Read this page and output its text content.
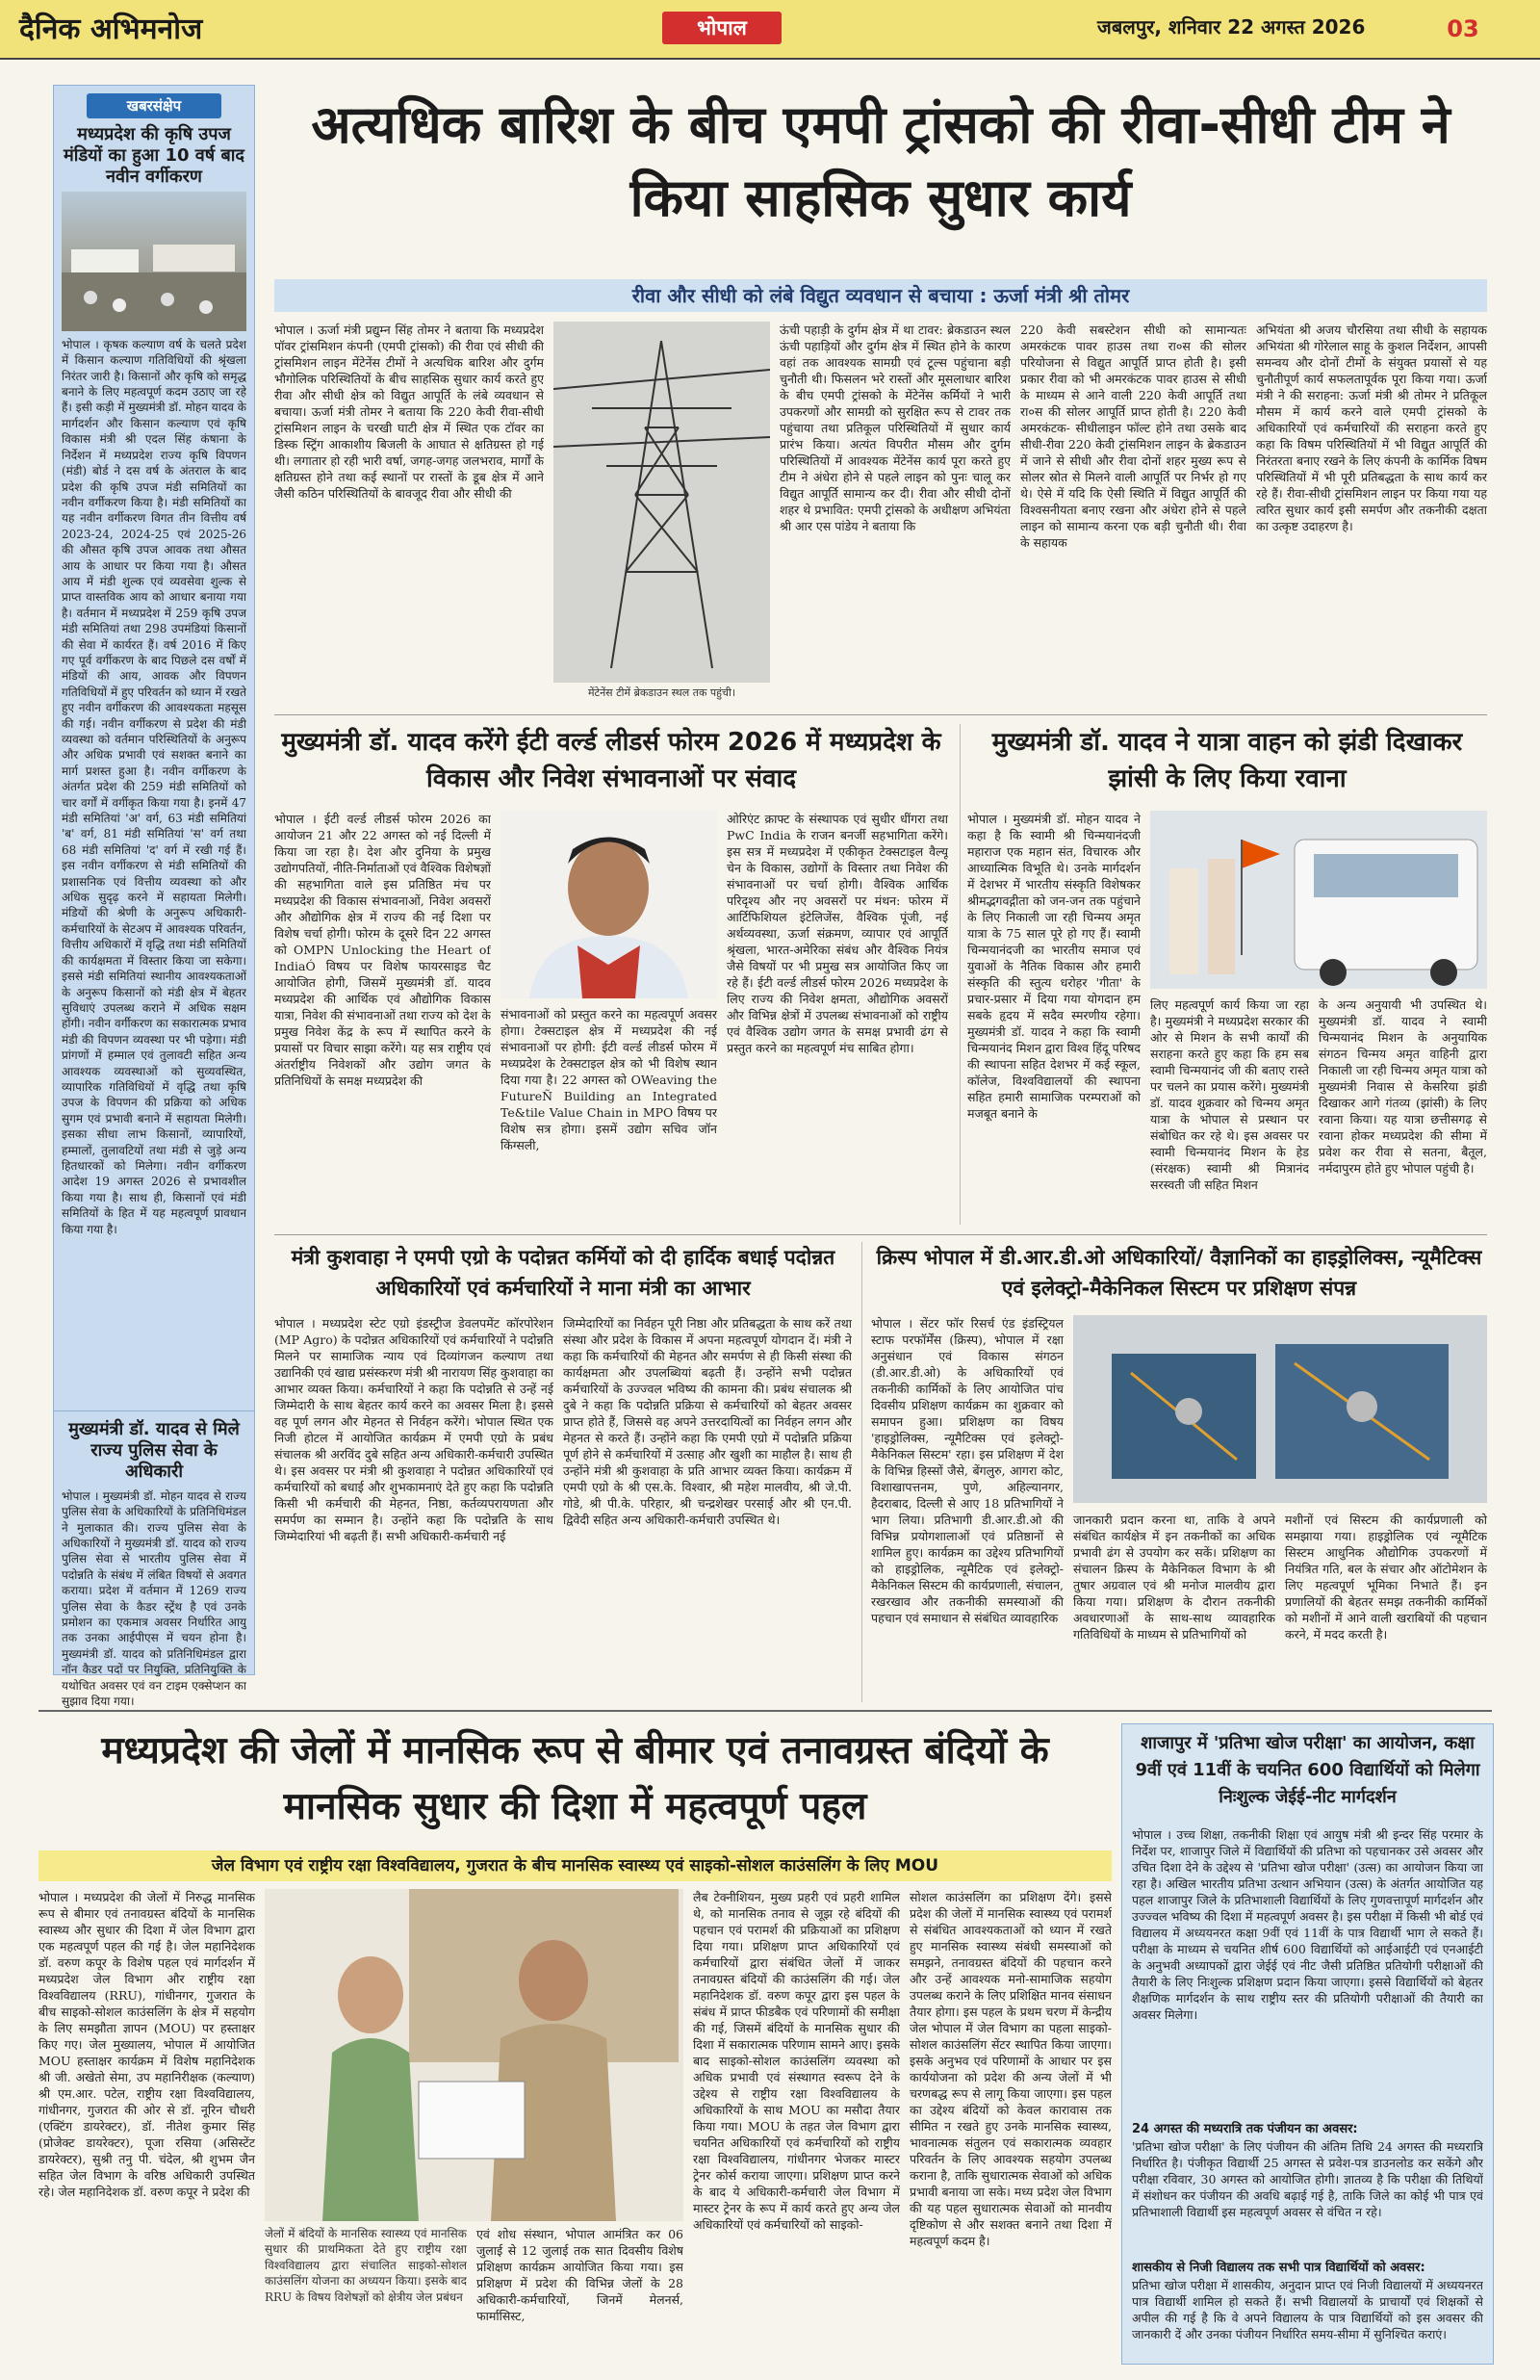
दैनिक अभिमनोज	भोपाल	जबलपुर, शनिवार 22 अगस्त 2026	03
खबरसंक्षेप
मध्यप्रदेश की कृषि उपज मंडियों का हुआ 10 वर्ष बाद नवीन वर्गीकरण
भोपाल । कृषक कल्याण वर्ष के चलते प्रदेश में किसान कल्याण गतिविधियों की श्रृंखला निरंतर जारी है। किसानों और कृषि को समृद्ध बनाने के लिए महत्वपूर्ण कदम उठाए जा रहे हैं। इसी कड़ी में मुख्यमंत्री डॉ. मोहन यादव के मार्गदर्शन और किसान कल्याण एवं कृषि विकास मंत्री श्री एदल सिंह कंषाना के निर्देशन में मध्यप्रदेश राज्य कृषि विपणन (मंडी) बोर्ड ने दस वर्ष के अंतराल के बाद प्रदेश की कृषि उपज मंडी समितियों का नवीन वर्गीकरण किया है। मंडी समितियों का यह नवीन वर्गीकरण विगत तीन वित्तीय वर्ष 2023-24, 2024-25 एवं 2025-26 की औसत कृषि उपज आवक तथा औसत आय के आधार पर किया गया है। औसत आय में मंडी शुल्क एवं व्यवसेवा शुल्क से प्राप्त वास्तविक आय को आधार बनाया गया है। वर्तमान में मध्यप्रदेश में 259 कृषि उपज मंडी समितियां तथा 298 उपमंडियां किसानों की सेवा में कार्यरत हैं। वर्ष 2016 में किए गए पूर्व वर्गीकरण के बाद पिछले दस वर्षों में मंडियों की आय, आवक और विपणन गतिविधियों में हुए परिवर्तन को ध्यान में रखते हुए नवीन वर्गीकरण की आवश्यकता महसूस की गई। नवीन वर्गीकरण से प्रदेश की मंडी व्यवस्था को वर्तमान परिस्थितियों के अनुरूप और अधिक प्रभावी एवं सशक्त बनाने का मार्ग प्रशस्त हुआ है। नवीन वर्गीकरण के अंतर्गत प्रदेश की 259 मंडी समितियों को चार वर्गों में वर्गीकृत किया गया है। इनमें 47 मंडी समितियां 'अ' वर्ग, 63 मंडी समितियां 'ब' वर्ग, 81 मंडी समितियां 'स' वर्ग तथा 68 मंडी समितियां 'द' वर्ग में रखी गई हैं। इस नवीन वर्गीकरण से मंडी समितियों की प्रशासनिक एवं वित्तीय व्यवस्था को और अधिक सुदृढ़ करने में सहायता मिलेगी। मंडियों की श्रेणी के अनुरूप अधिकारी-कर्मचारियों के सेटअप में आवश्यक परिवर्तन, वित्तीय अधिकारों में वृद्धि तथा मंडी समितियों की कार्यक्षमता में विस्तार किया जा सकेगा। इससे मंडी समितियां स्थानीय आवश्यकताओं के अनुरूप किसानों को मंडी क्षेत्र में बेहतर सुविधाएं उपलब्ध कराने में अधिक सक्षम होंगी। नवीन वर्गीकरण का सकारात्मक प्रभाव मंडी की विपणन व्यवस्था पर भी पड़ेगा। मंडी प्रांगणों में हम्माल एवं तुलावटी सहित अन्य आवश्यक व्यवस्थाओं को सुव्यवस्थित, व्यापारिक गतिविधियों में वृद्धि तथा कृषि उपज के विपणन की प्रक्रिया को अधिक सुगम एवं प्रभावी बनाने में सहायता मिलेगी। इसका सीधा लाभ किसानों, व्यापारियों, हम्मालों, तुलावटियों तथा मंडी से जुड़े अन्य हितधारकों को मिलेगा। नवीन वर्गीकरण आदेश 19 अगस्त 2026 से प्रभावशील किया गया है। साथ ही, किसानों एवं मंडी समितियों के हित में यह महत्वपूर्ण प्रावधान किया गया है।
मुख्यमंत्री डॉ. यादव से मिले राज्य पुलिस सेवा के अधिकारी
भोपाल । मुख्यमंत्री डॉ. मोहन यादव से राज्य पुलिस सेवा के अधिकारियों के प्रतिनिधिमंडल ने मुलाकात की। राज्य पुलिस सेवा के अधिकारियों ने मुख्यमंत्री डॉ. यादव को राज्य पुलिस सेवा से भारतीय पुलिस सेवा में पदोन्नति के संबंध में लंबित विषयों से अवगत कराया। प्रदेश में वर्तमान में 1269 राज्य पुलिस सेवा के कैडर स्ट्रेंथ है एवं उनके प्रमोशन का एकमात्र अवसर निर्धारित आयु तक उनका आईपीएस में चयन होना है। मुख्यमंत्री डॉ. यादव को प्रतिनिधिमंडल द्वारा नॉन कैडर पदों पर नियुक्ति, प्रतिनियुक्ति के यथोचित अवसर एवं वन टाइम एक्सेप्शन का सुझाव दिया गया।
अत्यधिक बारिश के बीच एमपी ट्रांसको की रीवा-सीधी टीम ने किया साहसिक सुधार कार्य
रीवा और सीधी को लंबे विद्युत व्यवधान से बचाया : ऊर्जा मंत्री श्री तोमर
भोपाल । ऊर्जा मंत्री प्रद्युम्न सिंह तोमर ने बताया कि मध्यप्रदेश पॉवर ट्रांसमिशन कंपनी (एमपी ट्रांसको) की रीवा एवं सीधी की ट्रांसमिशन लाइन मेंटेनेंस टीमों ने अत्यधिक बारिश और दुर्गम भौगोलिक परिस्थितियों के बीच साहसिक सुधार कार्य करते हुए रीवा और सीधी क्षेत्र को विद्युत आपूर्ति के लंबे व्यवधान से बचाया। ऊर्जा मंत्री तोमर ने बताया कि 220 केवी रीवा-सीधी ट्रांसमिशन लाइन के चरखी घाटी क्षेत्र में स्थित एक टॉवर का डिस्क स्ट्रिंग आकाशीय बिजली के आघात से क्षतिग्रस्त हो गई थी। लगातार हो रही भारी वर्षा, जगह-जगह जलभराव, मार्गों के क्षतिग्रस्त होने तथा कई स्थानों पर रास्तों के डूब क्षेत्र में आने जैसी कठिन परिस्थितियों के बावजूद रीवा और सीधी की
मेंटेनेंस टीमें ब्रेकडाउन स्थल तक पहुंची।
ऊंची पहाड़ी के दुर्गम क्षेत्र में था टावर: ब्रेकडाउन स्थल ऊंची पहाड़ियों और दुर्गम क्षेत्र में स्थित होने के कारण वहां तक आवश्यक सामग्री एवं टूल्स पहुंचाना बड़ी चुनौती थी। फिसलन भरे रास्तों और मूसलाधार बारिश के बीच एमपी ट्रांसको के मेंटेनेंस कर्मियों ने भारी उपकरणों और सामग्री को सुरक्षित रूप से टावर तक पहुंचाया तथा प्रतिकूल परिस्थितियों में सुधार कार्य प्रारंभ किया। अत्यंत विपरीत मौसम और दुर्गम परिस्थितियों में आवश्यक मेंटेनेंस कार्य पूरा करते हुए टीम ने अंधेरा होने से पहले लाइन को पुनः चालू कर विद्युत आपूर्ति सामान्य कर दी। रीवा और सीधी दोनों शहर थे प्रभावित: एमपी ट्रांसको के अधीक्षण अभियंता श्री आर एस पांडेय ने बताया कि
220 केवी सबस्टेशन सीधी को सामान्यतः अमरकंटक पावर हाउस तथा रा०स की सोलर परियोजना से विद्युत आपूर्ति प्राप्त होती है। इसी प्रकार रीवा को भी अमरकंटक पावर हाउस से सीधी के माध्यम से आने वाली 220 केवी आपूर्ति तथा रा०स की सोलर आपूर्ति प्राप्त होती है। 220 केवी अमरकंटक- सीधीलाइन फॉल्ट होने तथा उसके बाद सीधी-रीवा 220 केवी ट्रांसमिशन लाइन के ब्रेकडाउन में जाने से सीधी और रीवा दोनों शहर मुख्य रूप से सोलर स्रोत से मिलने वाली आपूर्ति पर निर्भर हो गए थे। ऐसे में यदि कि ऐसी स्थिति में विद्युत आपूर्ति की विश्वसनीयता बनाए रखना और अंधेरा होने से पहले लाइन को सामान्य करना एक बड़ी चुनौती थी। रीवा के सहायक
अभियंता श्री अजय चौरसिया तथा सीधी के सहायक अभियंता श्री गोरेलाल साहू के कुशल निर्देशन, आपसी समन्वय और दोनों टीमों के संयुक्त प्रयासों से यह चुनौतीपूर्ण कार्य सफलतापूर्वक पूरा किया गया। ऊर्जा मंत्री ने की सराहना: ऊर्जा मंत्री श्री तोमर ने प्रतिकूल मौसम में कार्य करने वाले एमपी ट्रांसको के अधिकारियों एवं कर्मचारियों की सराहना करते हुए कहा कि विषम परिस्थितियों में भी विद्युत आपूर्ति की निरंतरता बनाए रखने के लिए कंपनी के कार्मिक विषम परिस्थितियों में भी पूरी प्रतिबद्धता के साथ कार्य कर रहे हैं। रीवा-सीधी ट्रांसमिशन लाइन पर किया गया यह त्वरित सुधार कार्य इसी समर्पण और तकनीकी दक्षता का उत्कृष्ट उदाहरण है।
मुख्यमंत्री डॉ. यादव करेंगे ईटी वर्ल्ड लीडर्स फोरम 2026 में मध्यप्रदेश के विकास और निवेश संभावनाओं पर संवाद
भोपाल । ईटी वर्ल्ड लीडर्स फोरम 2026 का आयोजन 21 और 22 अगस्त को नई दिल्ली में किया जा रहा है। देश और दुनिया के प्रमुख उद्योगपतियों, नीति-निर्माताओं एवं वैश्विक विशेषज्ञों की सहभागिता वाले इस प्रतिष्ठित मंच पर मध्यप्रदेश की विकास संभावनाओं, निवेश अवसरों और औद्योगिक क्षेत्र में राज्य की नई दिशा पर विशेष चर्चा होगी। फोरम के दूसरे दिन 22 अगस्त को OMPN Unlocking the Heart of IndiaÓ विषय पर विशेष फायरसाइड चैट आयोजित होगी, जिसमें मुख्यमंत्री डॉ. यादव मध्यप्रदेश की आर्थिक एवं औद्योगिक विकास यात्रा, निवेश की संभावनाओं तथा राज्य को देश के प्रमुख निवेश केंद्र के रूप में स्थापित करने के प्रयासों पर विचार साझा करेंगे। यह सत्र राष्ट्रीय एवं अंतर्राष्ट्रीय निवेशकों और उद्योग जगत के प्रतिनिधियों के समक्ष मध्यप्रदेश की
संभावनाओं को प्रस्तुत करने का महत्वपूर्ण अवसर होगा। टेक्सटाइल क्षेत्र में मध्यप्रदेश की नई संभावनाओं पर होगी: ईटी वर्ल्ड लीडर्स फोरम में मध्यप्रदेश के टेक्सटाइल क्षेत्र को भी विशेष स्थान दिया गया है। 22 अगस्त को OWeaving the FutureÑ Building an Integrated Te&tile Value Chain in MPO विषय पर विशेष सत्र होगा। इसमें उद्योग सचिव जॉन किंग्सली,
ओरिएंट क्राफ्ट के संस्थापक एवं सुधीर धींगरा तथा PwC India के राजन बनर्जी सहभागिता करेंगे। इस सत्र में मध्यप्रदेश में एकीकृत टेक्सटाइल वैल्यू चेन के विकास, उद्योगों के विस्तार तथा निवेश की संभावनाओं पर चर्चा होगी। वैश्विक आर्थिक परिदृश्य और नए अवसरों पर मंथन: फोरम में आर्टिफिशियल इंटेलिजेंस, वैश्विक पूंजी, नई अर्थव्यवस्था, ऊर्जा संक्रमण, व्यापार एवं आपूर्ति श्रृंखला, भारत-अमेरिका संबंध और वैश्विक नियंत्र जैसे विषयों पर भी प्रमुख सत्र आयोजित किए जा रहे हैं। ईटी वर्ल्ड लीडर्स फोरम 2026 मध्यप्रदेश के लिए राज्य की निवेश क्षमता, औद्योगिक अवसरों और विभिन्न क्षेत्रों में उपलब्ध संभावनाओं को राष्ट्रीय एवं वैश्विक उद्योग जगत के समक्ष प्रभावी ढंग से प्रस्तुत करने का महत्वपूर्ण मंच साबित होगा।
मुख्यमंत्री डॉ. यादव ने यात्रा वाहन को झंडी दिखाकर झांसी के लिए किया रवाना
भोपाल । मुख्यमंत्री डॉ. मोहन यादव ने कहा है कि स्वामी श्री चिन्मयानंदजी महाराज एक महान संत, विचारक और आध्यात्मिक विभूति थे। उनके मार्गदर्शन में देशभर में भारतीय संस्कृति विशेषकर श्रीमद्भगवद्गीता को जन-जन तक पहुंचाने के लिए निकाली जा रही चिन्मय अमृत यात्रा के 75 साल पूरे हो गए हैं। स्वामी चिन्मयानंदजी का भारतीय समाज एवं युवाओं के नैतिक विकास और हमारी संस्कृति की स्तुत्य धरोहर 'गीता' के प्रचार-प्रसार में दिया गया योगदान हम सबके हृदय में सदैव स्मरणीय रहेगा। मुख्यमंत्री डॉ. यादव ने कहा कि स्वामी चिन्मयानंद मिशन द्वारा विश्व हिंदू परिषद की स्थापना सहित देशभर में कई स्कूल, कॉलेज, विश्वविद्यालयों की स्थापना सहित हमारी सामाजिक परम्पराओं को मजबूत बनाने के
लिए महत्वपूर्ण कार्य किया जा रहा है। मुख्यमंत्री ने मध्यप्रदेश सरकार की ओर से मिशन के सभी कार्यों की सराहना करते हुए कहा कि हम सब स्वामी चिन्मयानंद जी की बताए रास्ते पर चलने का प्रयास करेंगे। मुख्यमंत्री डॉ. यादव शुक्रवार को चिन्मय अमृत यात्रा के भोपाल से प्रस्थान पर संबोधित कर रहे थे। इस अवसर पर स्वामी चिन्मयानंद मिशन के हेड (संरक्षक) स्वामी श्री मित्रानंद सरस्वती जी सहित मिशन
के अन्य अनुयायी भी उपस्थित थे। मुख्यमंत्री डॉ. यादव ने स्वामी चिन्मयानंद मिशन के अनुयायिक संगठन चिन्मय अमृत वाहिनी द्वारा निकाली जा रही चिन्मय अमृत यात्रा को मुख्यमंत्री निवास से केसरिया झंडी दिखाकर आगे गंतव्य (झांसी) के लिए रवाना किया। यह यात्रा छत्तीसगढ़ से रवाना होकर मध्यप्रदेश की सीमा में प्रवेश कर रीवा से सतना, बैतूल, नर्मदापुरम होते हुए भोपाल पहुंची है।
मंत्री कुशवाहा ने एमपी एग्रो के पदोन्नत कर्मियों को दी हार्दिक बधाई पदोन्नत अधिकारियों एवं कर्मचारियों ने माना मंत्री का आभार
भोपाल । मध्यप्रदेश स्टेट एग्रो इंडस्ट्रीज डेवलपमेंट कॉरपोरेशन (MP Agro) के पदोन्नत अधिकारियों एवं कर्मचारियों ने पदोन्नति मिलने पर सामाजिक न्याय एवं दिव्यांगजन कल्याण तथा उद्यानिकी एवं खाद्य प्रसंस्करण मंत्री श्री नारायण सिंह कुशवाहा का आभार व्यक्त किया। कर्मचारियों ने कहा कि पदोन्नति से उन्हें नई जिम्मेदारी के साथ बेहतर कार्य करने का अवसर मिला है। इससे वह पूर्ण लगन और मेहनत से निर्वहन करेंगे। भोपाल स्थित एक निजी होटल में आयोजित कार्यक्रम में एमपी एग्रो के प्रबंध संचालक श्री अरविंद दुबे सहित अन्य अधिकारी-कर्मचारी उपस्थित थे। इस अवसर पर मंत्री श्री कुशवाहा ने पदोन्नत अधिकारियों एवं कर्मचारियों को बधाई और शुभकामनाएं देते हुए कहा कि पदोन्नति किसी भी कर्मचारी की मेहनत, निष्ठा, कर्तव्यपरायणता और समर्पण का सम्मान है। उन्होंने कहा कि पदोन्नति के साथ जिम्मेदारियां भी बढ़ती हैं। सभी अधिकारी-कर्मचारी नई
जिम्मेदारियों का निर्वहन पूरी निष्ठा और प्रतिबद्धता के साथ करें तथा संस्था और प्रदेश के विकास में अपना महत्वपूर्ण योगदान दें। मंत्री ने कहा कि कर्मचारियों की मेहनत और समर्पण से ही किसी संस्था की कार्यक्षमता और उपलब्धियां बढ़ती हैं। उन्होंने सभी पदोन्नत कर्मचारियों के उज्ज्वल भविष्य की कामना की। प्रबंध संचालक श्री दुबे ने कहा कि पदोन्नति प्रक्रिया से कर्मचारियों को बेहतर अवसर प्राप्त होते हैं, जिससे वह अपने उत्तरदायित्वों का निर्वहन लगन और मेहनत से करते हैं। उन्होंने कहा कि एमपी एग्रो में पदोन्नति प्रक्रिया पूर्ण होने से कर्मचारियों में उत्साह और खुशी का माहौल है। साथ ही उन्होंने मंत्री श्री कुशवाहा के प्रति आभार व्यक्त किया। कार्यक्रम में एमपी एग्रो के श्री एस.के. विश्वार, श्री महेश मालवीय, श्री जे.पी. गोडे, श्री पी.के. परिहार, श्री चन्द्रशेखर परसाई और श्री एन.पी. द्विवेदी सहित अन्य अधिकारी-कर्मचारी उपस्थित थे।
क्रिस्प भोपाल में डी.आर.डी.ओ अधिकारियों/ वैज्ञानिकों का हाइड्रोलिक्स, न्यूमैटिक्स एवं इलेक्ट्रो-मैकेनिकल सिस्टम पर प्रशिक्षण संपन्न
भोपाल । सेंटर फॉर रिसर्च एंड इंडस्ट्रियल स्टाफ परफॉर्मेंस (क्रिस्प), भोपाल में रक्षा अनुसंधान एवं विकास संगठन (डी.आर.डी.ओ) के अधिकारियों एवं तकनीकी कार्मिकों के लिए आयोजित पांच दिवसीय प्रशिक्षण कार्यक्रम का शुक्रवार को समापन हुआ। प्रशिक्षण का विषय 'हाइड्रोलिक्स, न्यूमैटिक्स एवं इलेक्ट्रो-मैकेनिकल सिस्टम' रहा। इस प्रशिक्षण में देश के विभिन्न हिस्सों जैसे, बेंगलुरु, आगरा कोट, विशाखापत्तनम, पुणे, अहिल्यानगर, हैदराबाद, दिल्ली से आए 18 प्रतिभागियों ने भाग लिया। प्रतिभागी डी.आर.डी.ओ की विभिन्न प्रयोगशालाओं एवं प्रतिष्ठानों से शामिल हुए। कार्यक्रम का उद्देश्य प्रतिभागियों को हाइड्रोलिक, न्यूमैटिक एवं इलेक्ट्रो-मैकेनिकल सिस्टम की कार्यप्रणाली, संचालन, रखरखाव और तकनीकी समस्याओं की पहचान एवं समाधान से संबंधित व्यावहारिक
जानकारी प्रदान करना था, ताकि वे अपने संबंधित कार्यक्षेत्र में इन तकनीकों का अधिक प्रभावी ढंग से उपयोग कर सकें। प्रशिक्षण का संचालन क्रिस्प के मैकेनिकल विभाग के श्री तुषार अग्रवाल एवं श्री मनोज मालवीय द्वारा किया गया। प्रशिक्षण के दौरान तकनीकी अवधारणाओं के साथ-साथ व्यावहारिक गतिविधियों के माध्यम से प्रतिभागियों को
मशीनों एवं सिस्टम की कार्यप्रणाली को समझाया गया। हाइड्रोलिक एवं न्यूमैटिक सिस्टम आधुनिक औद्योगिक उपकरणों में नियंत्रित गति, बल के संचार और ऑटोमेशन के लिए महत्वपूर्ण भूमिका निभाते हैं। इन प्रणालियों की बेहतर समझ तकनीकी कार्मिकों को मशीनों में आने वाली खराबियों की पहचान करने, में मदद करती है।
मध्यप्रदेश की जेलों में मानसिक रूप से बीमार एवं तनावग्रस्त बंदियों के मानसिक सुधार की दिशा में महत्वपूर्ण पहल
जेल विभाग एवं राष्ट्रीय रक्षा विश्वविद्यालय, गुजरात के बीच मानसिक स्वास्थ्य एवं साइको-सोशल काउंसलिंग के लिए MOU
भोपाल । मध्यप्रदेश की जेलों में निरुद्ध मानसिक रूप से बीमार एवं तनावग्रस्त बंदियों के मानसिक स्वास्थ्य और सुधार की दिशा में जेल विभाग द्वारा एक महत्वपूर्ण पहल की गई है। जेल महानिदेशक डॉ. वरुण कपूर के विशेष पहल एवं मार्गदर्शन में मध्यप्रदेश जेल विभाग और राष्ट्रीय रक्षा विश्वविद्यालय (RRU), गांधीनगर, गुजरात के बीच साइको-सोशल काउंसलिंग के क्षेत्र में सहयोग के लिए समझौता ज्ञापन (MOU) पर हस्ताक्षर किए गए। जेल मुख्यालय, भोपाल में आयोजित MOU हस्ताक्षर कार्यक्रम में विशेष महानिदेशक श्री जी. अखेतो सेमा, उप महानिरीक्षक (कल्याण) श्री एम.आर. पटेल, राष्ट्रीय रक्षा विश्वविद्यालय, गांधीनगर, गुजरात की ओर से डॉ. नूरिन चौधरी (एक्टिंग डायरेक्टर), डॉ. नीतेश कुमार सिंह (प्रोजेक्ट डायरेक्टर), पूजा रसिया (असिस्टेंट डायरेक्टर), सुश्री तनु पी. चंदेल, श्री शुभम जैन सहित जेल विभाग के वरिष्ठ अधिकारी उपस्थित रहे। जेल महानिदेशक डॉ. वरुण कपूर ने प्रदेश की
जेलों में बंदियों के मानसिक स्वास्थ्य एवं मानसिक सुधार की प्राथमिकता देते हुए राष्ट्रीय रक्षा विश्वविद्यालय द्वारा संचालित साइको-सोशल काउंसलिंग योजना का अध्ययन किया। इसके बाद RRU के विषय विशेषज्ञों को क्षेत्रीय जेल प्रबंधन
एवं शोध संस्थान, भोपाल आमंत्रित कर 06 जुलाई से 12 जुलाई तक सात दिवसीय विशेष प्रशिक्षण कार्यक्रम आयोजित किया गया। इस प्रशिक्षण में प्रदेश की विभिन्न जेलों के 28 अधिकारी-कर्मचारियों, जिनमें मेलनर्स, फार्मासिस्ट,
लैब टेक्नीशियन, मुख्य प्रहरी एवं प्रहरी शामिल थे, को मानसिक तनाव से जूझ रहे बंदियों की पहचान एवं परामर्श की प्रक्रियाओं का प्रशिक्षण दिया गया। प्रशिक्षण प्राप्त अधिकारियों एवं कर्मचारियों द्वारा संबंधित जेलों में जाकर तनावग्रस्त बंदियों की काउंसलिंग की गई। जेल महानिदेशक डॉ. वरुण कपूर द्वारा इस पहल के संबंध में प्राप्त फीडबैक एवं परिणामों की समीक्षा की गई, जिसमें बंदियों के मानसिक सुधार की दिशा में सकारात्मक परिणाम सामने आए। इसके बाद साइको-सोशल काउंसलिंग व्यवस्था को अधिक प्रभावी एवं संस्थागत स्वरूप देने के उद्देश्य से राष्ट्रीय रक्षा विश्वविद्यालय के अधिकारियों के साथ MOU का मसौदा तैयार किया गया। MOU के तहत जेल विभाग द्वारा चयनित अधिकारियों एवं कर्मचारियों को राष्ट्रीय रक्षा विश्वविद्यालय, गांधीनगर भेजकर मास्टर ट्रेनर कोर्स कराया जाएगा। प्रशिक्षण प्राप्त करने के बाद ये अधिकारी-कर्मचारी जेल विभाग में मास्टर ट्रेनर के रूप में कार्य करते हुए अन्य जेल अधिकारियों एवं कर्मचारियों को साइको-
सोशल काउंसलिंग का प्रशिक्षण देंगे। इससे प्रदेश की जेलों में मानसिक स्वास्थ्य एवं परामर्श से संबंधित आवश्यकताओं को ध्यान में रखते हुए मानसिक स्वास्थ्य संबंधी समस्याओं को समझने, तनावग्रस्त बंदियों की पहचान करने और उन्हें आवश्यक मनो-सामाजिक सहयोग उपलब्ध कराने के लिए प्रशिक्षित मानव संसाधन तैयार होगा। इस पहल के प्रथम चरण में केन्द्रीय जेल भोपाल में जेल विभाग का पहला साइको-सोशल काउंसलिंग सेंटर स्थापित किया जाएगा। इसके अनुभव एवं परिणामों के आधार पर इस कार्ययोजना को प्रदेश की अन्य जेलों में भी चरणबद्ध रूप से लागू किया जाएगा। इस पहल का उद्देश्य बंदियों को केवल कारावास तक सीमित न रखते हुए उनके मानसिक स्वास्थ्य, भावनात्मक संतुलन एवं सकारात्मक व्यवहार परिवर्तन के लिए आवश्यक सहयोग उपलब्ध कराना है, ताकि सुधारात्मक सेवाओं को अधिक प्रभावी बनाया जा सके। मध्य प्रदेश जेल विभाग की यह पहल सुधारात्मक सेवाओं को मानवीय दृष्टिकोण से और सशक्त बनाने तथा दिशा में महत्वपूर्ण कदम है।
शाजापुर में 'प्रतिभा खोज परीक्षा' का आयोजन, कक्षा 9वीं एवं 11वीं के चयनित 600 विद्यार्थियों को मिलेगा निःशुल्क जेईई-नीट मार्गदर्शन
भोपाल । उच्च शिक्षा, तकनीकी शिक्षा एवं आयुष मंत्री श्री इन्दर सिंह परमार के निर्देश पर, शाजापुर जिले में विद्यार्थियों की प्रतिभा को पहचानकर उसे अवसर और उचित दिशा देने के उद्देश्य से 'प्रतिभा खोज परीक्षा' (उत्स) का आयोजन किया जा रहा है। अखिल भारतीय प्रतिभा उत्थान अभियान (उत्स) के अंतर्गत आयोजित यह पहल शाजापुर जिले के प्रतिभाशाली विद्यार्थियों के लिए गुणवत्तापूर्ण मार्गदर्शन और उज्ज्वल भविष्य की दिशा में महत्वपूर्ण अवसर है। इस परीक्षा में किसी भी बोर्ड एवं विद्यालय में अध्ययनरत कक्षा 9वीं एवं 11वीं के पात्र विद्यार्थी भाग ले सकते हैं। परीक्षा के माध्यम से चयनित शीर्ष 600 विद्यार्थियों को आईआईटी एवं एनआईटी के अनुभवी अध्यापकों द्वारा जेईई एवं नीट जैसी प्रतिष्ठित प्रतियोगी परीक्षाओं की तैयारी के लिए निःशुल्क प्रशिक्षण प्रदान किया जाएगा। इससे विद्यार्थियों को बेहतर शैक्षणिक मार्गदर्शन के साथ राष्ट्रीय स्तर की प्रतियोगी परीक्षाओं की तैयारी का अवसर मिलेगा।
24 अगस्त की मध्यरात्रि तक पंजीयन का अवसर:
'प्रतिभा खोज परीक्षा' के लिए पंजीयन की अंतिम तिथि 24 अगस्त की मध्यरात्रि निर्धारित है। पंजीकृत विद्यार्थी 25 अगस्त से प्रवेश-पत्र डाउनलोड कर सकेंगे और परीक्षा रविवार, 30 अगस्त को आयोजित होगी। ज्ञातव्य है कि परीक्षा की तिथियों में संशोधन कर पंजीयन की अवधि बढ़ाई गई है, ताकि जिले का कोई भी पात्र एवं प्रतिभाशाली विद्यार्थी इस महत्वपूर्ण अवसर से वंचित न रहे।
शासकीय से निजी विद्यालय तक सभी पात्र विद्यार्थियों को अवसर:
प्रतिभा खोज परीक्षा में शासकीय, अनुदान प्राप्त एवं निजी विद्यालयों में अध्ययनरत पात्र विद्यार्थी शामिल हो सकते हैं। सभी विद्यालयों के प्राचार्यों एवं शिक्षकों से अपील की गई है कि वे अपने विद्यालय के पात्र विद्यार्थियों को इस अवसर की जानकारी दें और उनका पंजीयन निर्धारित समय-सीमा में सुनिश्चित कराएं।
